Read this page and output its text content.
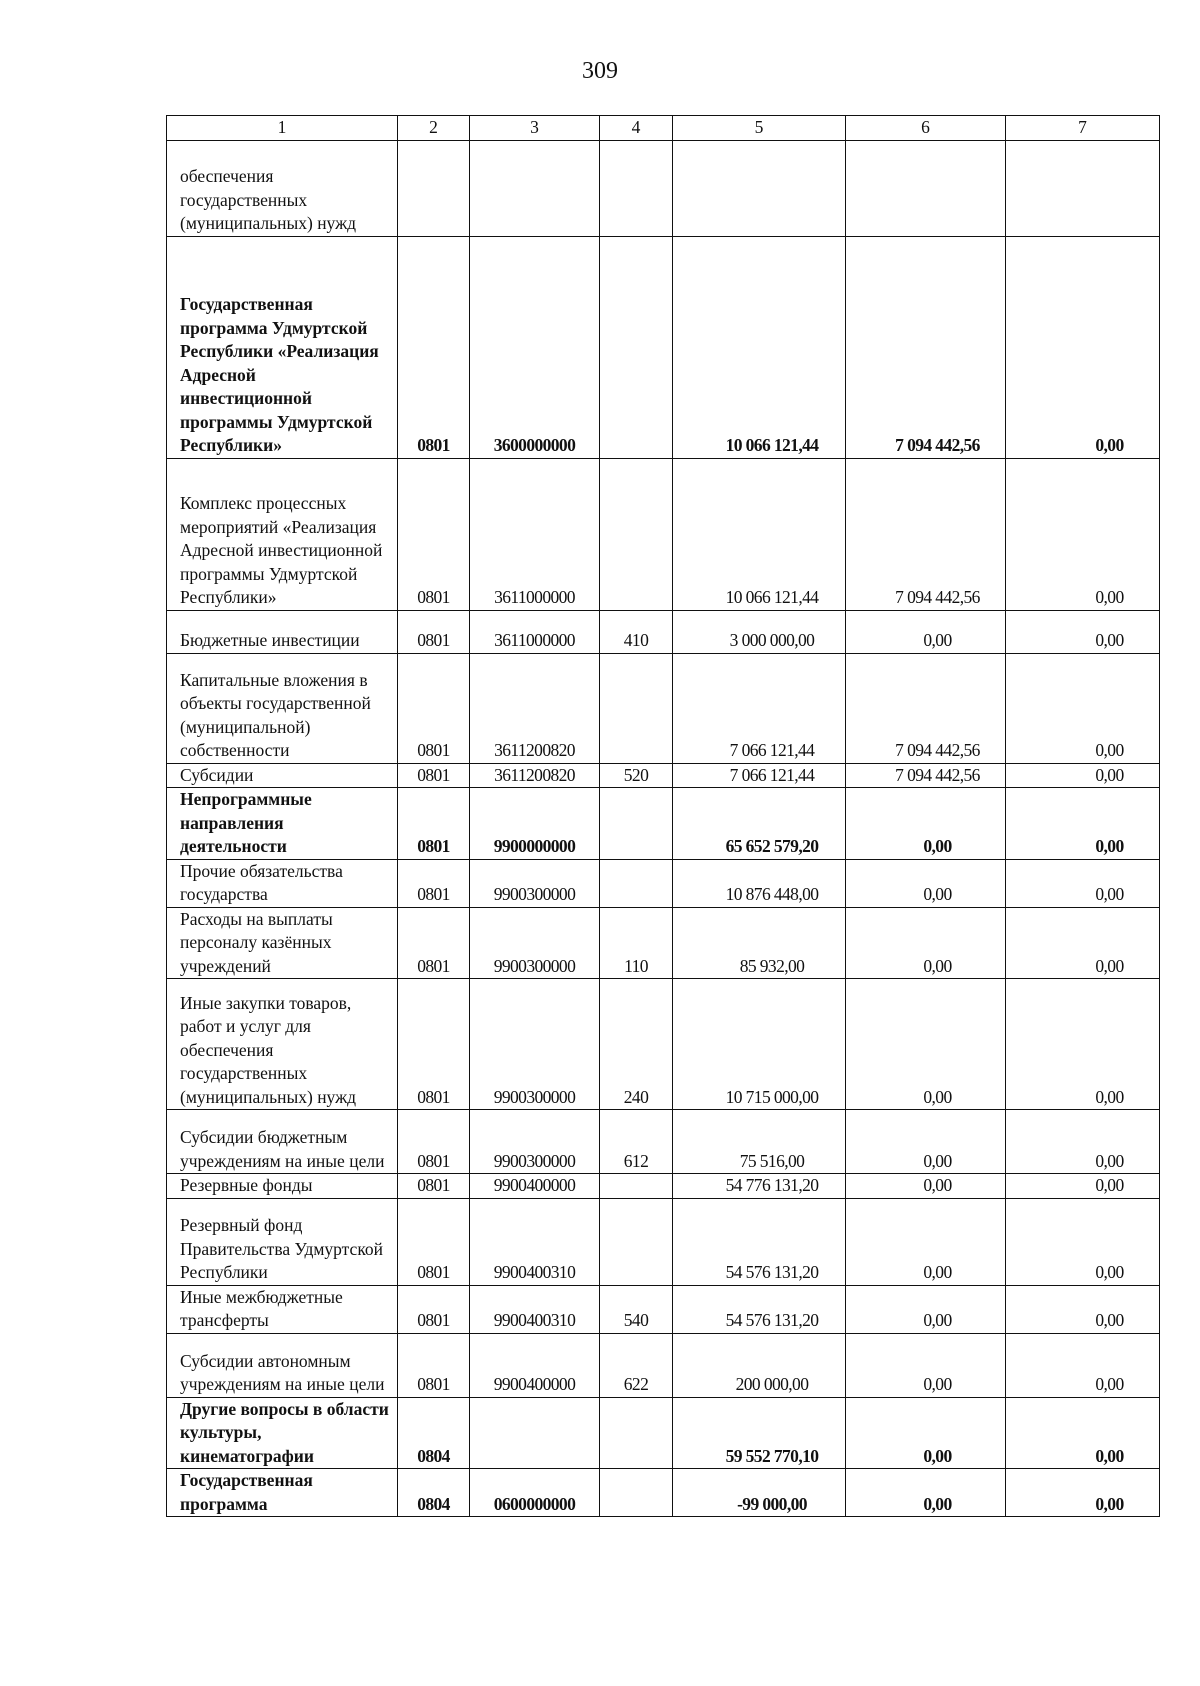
309
1	2	3	4	5	6	7
обеспечения государственных (муниципальных) нужд						
Государственная программа Удмуртской Республики «Реализация Адресной инвестиционной программы Удмуртской Республики»	0801	3600000000		10 066 121,44	7 094 442,56	0,00
Комплекс процессных мероприятий «Реализация Адресной инвестиционной программы Удмуртской Республики»	0801	3611000000		10 066 121,44	7 094 442,56	0,00
Бюджетные инвестиции	0801	3611000000	410	3 000 000,00	0,00	0,00
Капитальные вложения в объекты государственной (муниципальной) собственности	0801	3611200820		7 066 121,44	7 094 442,56	0,00
Субсидии	0801	3611200820	520	7 066 121,44	7 094 442,56	0,00
Непрограммные направления деятельности	0801	9900000000		65 652 579,20	0,00	0,00
Прочие обязательства государства	0801	9900300000		10 876 448,00	0,00	0,00
Расходы на выплаты персоналу казённых учреждений	0801	9900300000	110	85 932,00	0,00	0,00
Иные закупки товаров, работ и услуг для обеспечения государственных (муниципальных) нужд	0801	9900300000	240	10 715 000,00	0,00	0,00
Субсидии бюджетным учреждениям на иные цели	0801	9900300000	612	75 516,00	0,00	0,00
Резервные фонды	0801	9900400000		54 776 131,20	0,00	0,00
Резервный фонд Правительства Удмуртской Республики	0801	9900400310		54 576 131,20	0,00	0,00
Иные межбюджетные трансферты	0801	9900400310	540	54 576 131,20	0,00	0,00
Субсидии автономным учреждениям на иные цели	0801	9900400000	622	200 000,00	0,00	0,00
Другие вопросы в области культуры, кинематографии	0804			59 552 770,10	0,00	0,00
Государственная программа	0804	0600000000		-99 000,00	0,00	0,00
